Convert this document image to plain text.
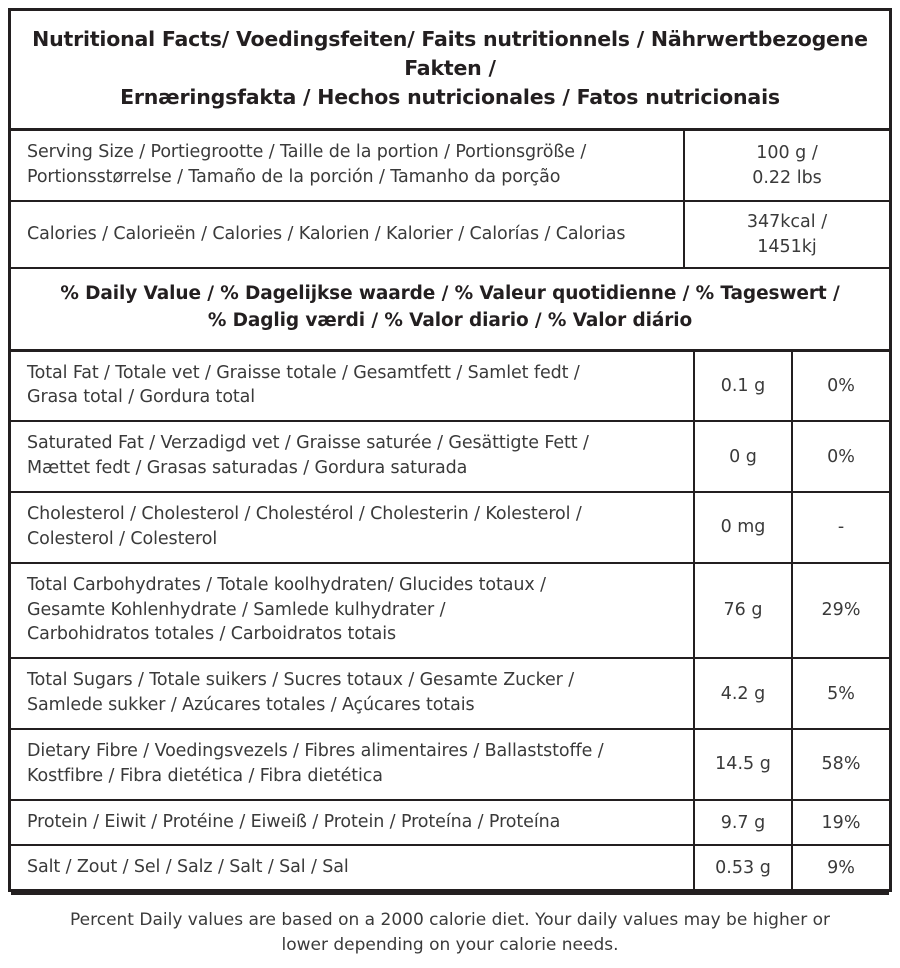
Nutritional Facts/ Voedingsfeiten/ Faits nutritionnels / Nährwertbezogene Fakten /
Ernæringsfakta / Hechos nutricionales / Fatos nutricionais
Serving Size / Portiegrootte / Taille de la portion / Portionsgröße /
Portionsstørrelse / Tamaño de la porción / Tamanho da porção
100 g /
0.22 lbs
Calories / Calorieën / Calories / Kalorien / Kalorier / Calorías / Calorias
347kcal /
1451kj
% Daily Value / % Dagelijkse waarde / % Valeur quotidienne / % Tageswert /
% Daglig værdi / % Valor diario / % Valor diário
Total Fat / Totale vet / Graisse totale / Gesamtfett / Samlet fedt /
Grasa total / Gordura total
0.1 g	0%
Saturated Fat / Verzadigd vet / Graisse saturée / Gesättigte Fett /
Mættet fedt / Grasas saturadas / Gordura saturada
0 g	0%
Cholesterol / Cholesterol / Cholestérol / Cholesterin / Kolesterol /
Colesterol / Colesterol
0 mg	-
Total Carbohydrates / Totale koolhydraten/ Glucides totaux /
Gesamte Kohlenhydrate / Samlede kulhydrater /
Carbohidratos totales / Carboidratos totais
76 g	29%
Total Sugars / Totale suikers / Sucres totaux / Gesamte Zucker /
Samlede sukker / Azúcares totales / Açúcares totais
4.2 g	5%
Dietary Fibre / Voedingsvezels / Fibres alimentaires / Ballaststoffe /
Kostfibre / Fibra dietética / Fibra dietética
14.5 g	58%
Protein / Eiwit / Protéine / Eiweiß / Protein / Proteína / Proteína	9.7 g	19%
Salt / Zout / Sel / Salz / Salt / Sal / Sal	0.53 g	9%
Percent Daily values are based on a 2000 calorie diet. Your daily values may be higher or
lower depending on your calorie needs.
